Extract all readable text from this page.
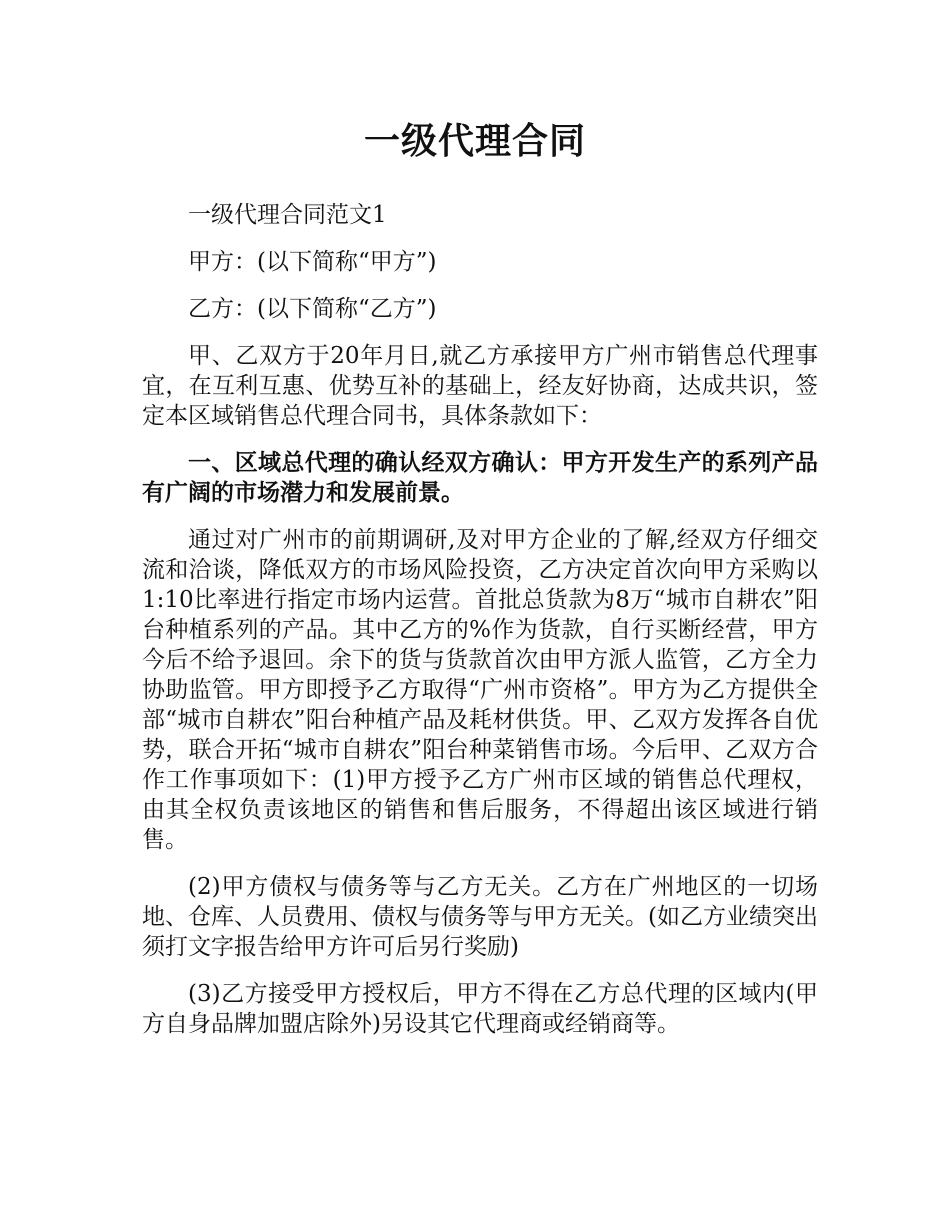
一级代理合同

一级代理合同范文1

甲方：(以下简称“甲方”)

乙方：(以下简称“乙方”)

甲、乙双方于20年月日,就乙方承接甲方广州市销售总代理事宜，在互利互惠、优势互补的基础上，经友好协商，达成共识，签定本区域销售总代理合同书，具体条款如下：

一、区域总代理的确认经双方确认：甲方开发生产的系列产品有广阔的市场潜力和发展前景。

通过对广州市的前期调研,及对甲方企业的了解,经双方仔细交流和洽谈，降低双方的市场风险投资，乙方决定首次向甲方采购以1:10比率进行指定市场内运营。首批总货款为8万“城市自耕农”阳台种植系列的产品。其中乙方的%作为货款，自行买断经营，甲方今后不给予退回。余下的货与货款首次由甲方派人监管，乙方全力协助监管。甲方即授予乙方取得“广州市资格”。甲方为乙方提供全部“城市自耕农”阳台种植产品及耗材供货。甲、乙双方发挥各自优势，联合开拓“城市自耕农”阳台种菜销售市场。今后甲、乙双方合作工作事项如下：(1)甲方授予乙方广州市区域的销售总代理权，由其全权负责该地区的销售和售后服务，不得超出该区域进行销售。

(2)甲方债权与债务等与乙方无关。乙方在广州地区的一切场地、仓库、人员费用、债权与债务等与甲方无关。(如乙方业绩突出须打文字报告给甲方许可后另行奖励)

(3)乙方接受甲方授权后，甲方不得在乙方总代理的区域内(甲方自身品牌加盟店除外)另设其它代理商或经销商等。
